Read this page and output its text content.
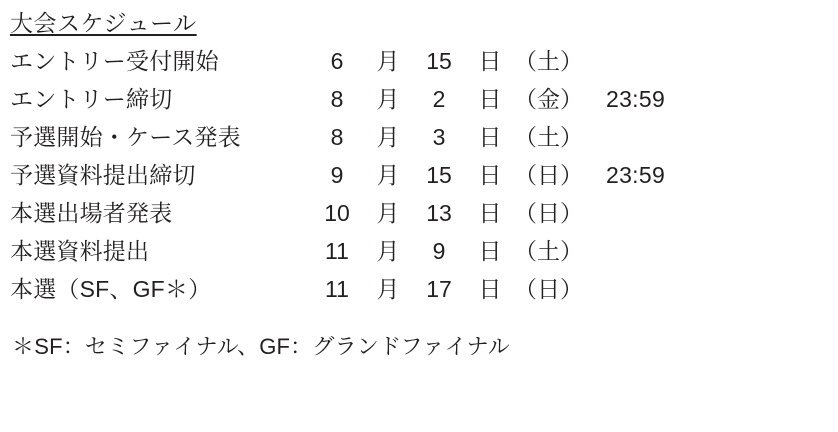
大会スケジュール
エントリー受付開始	6	月	15	日	（土）	
エントリー締切	8	月	2	日	（金）	23:59
予選開始・ケース発表	8	月	3	日	（土）	
予選資料提出締切	9	月	15	日	（日）	23:59
本選出場者発表	10	月	13	日	（日）	
本選資料提出	11	月	9	日	（土）	
本選（SF、GF＊）	11	月	17	日	（日）	
＊SF：セミファイナル、GF：グランドファイナル
